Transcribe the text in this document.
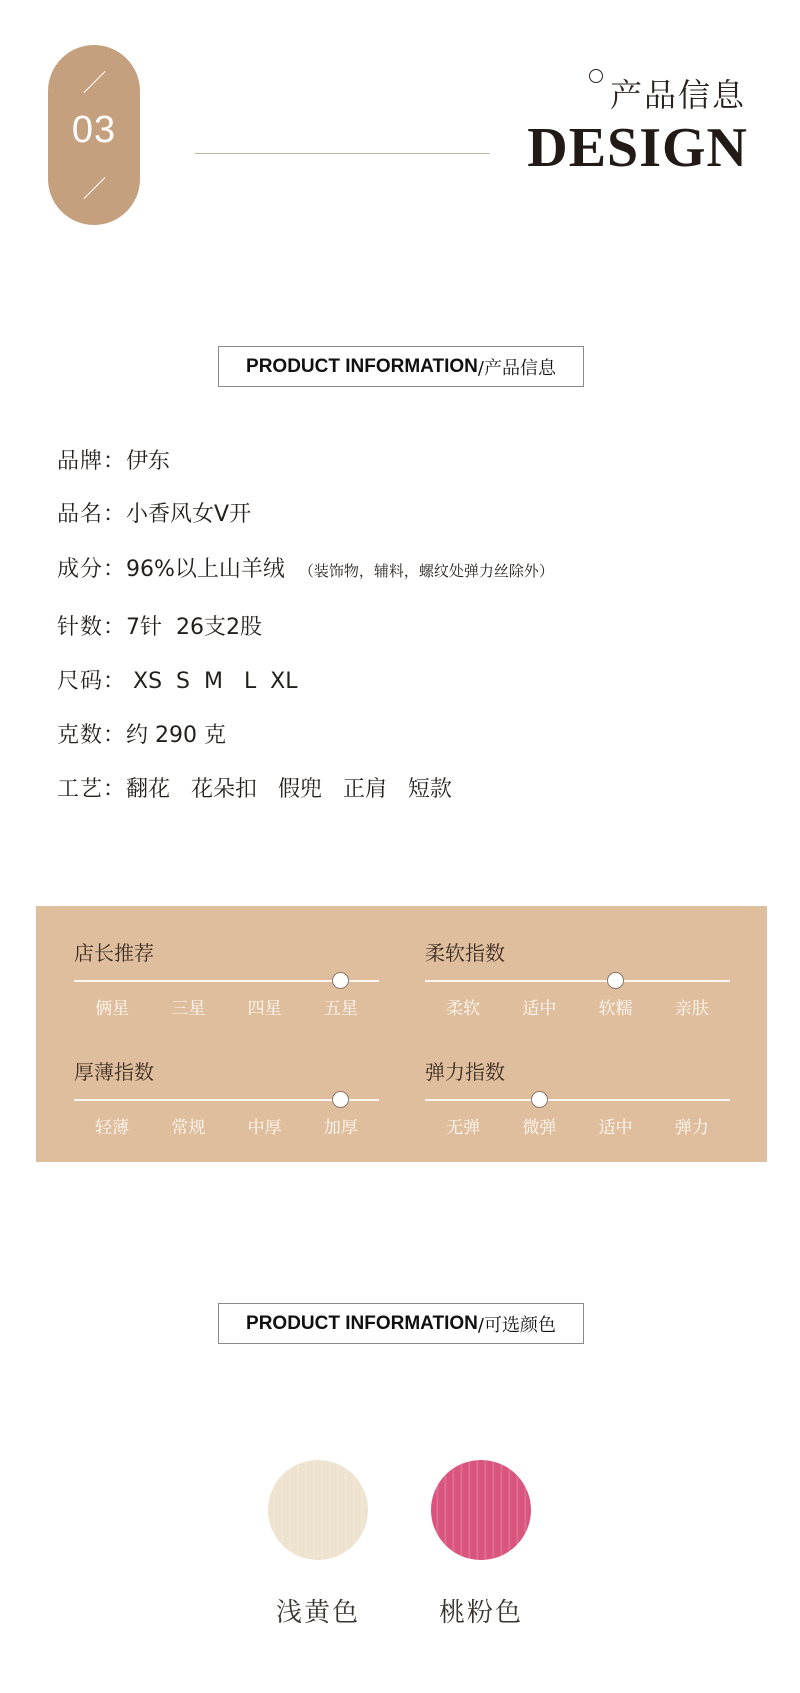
03
产品信息
DESIGN
PRODUCT INFORMATION /产品信息
品牌：伊东
品名：小香风女V开
成分：96%以上山羊绒 （装饰物，辅料，螺纹处弹力丝除外）
针数：7针  26支2股
尺码： XS  S  M   L  XL
克数：约 290 克
工艺：翻花   花朵扣   假兜   正肩   短款
店长推荐
俩星 三星 四星 五星
柔软指数
柔软 适中 软糯 亲肤
厚薄指数
轻薄 常规 中厚 加厚
弹力指数
无弹 微弹 适中 弹力
PRODUCT INFORMATION /可选颜色
浅黄色	桃粉色
